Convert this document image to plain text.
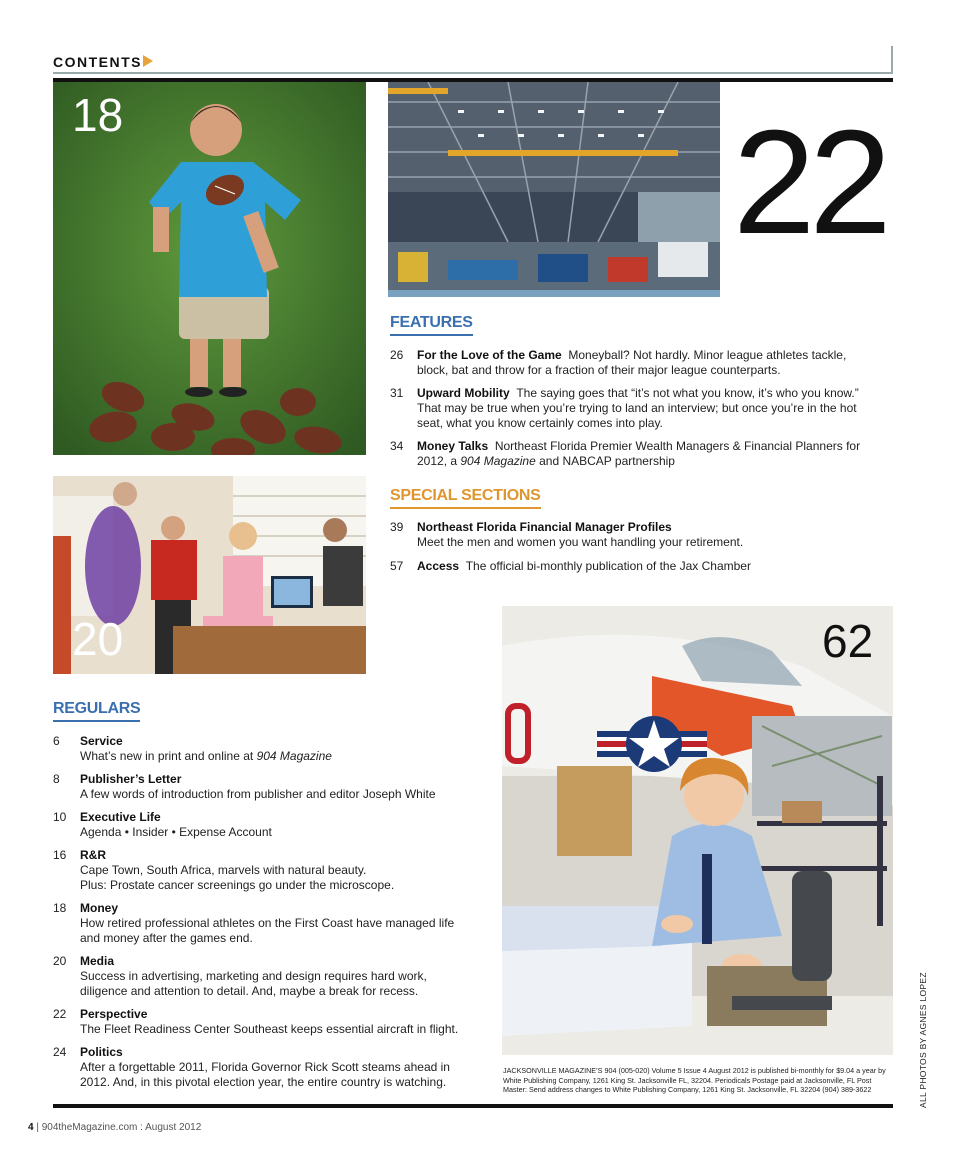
CONTENTS
18	22
20	62
FEATURES
26 For the Love of the Game Moneyball? Not hardly. Minor league athletes tackle, block, bat and throw for a fraction of their major league counterparts.
31 Upward Mobility The saying goes that “it’s not what you know, it’s who you know.” That may be true when you’re trying to land an interview; but once you’re in the hot seat, what you know certainly comes into play.
34 Money Talks Northeast Florida Premier Wealth Managers & Financial Planners for 2012, a 904 Magazine and NABCAP partnership
SPECIAL SECTIONS
39 Northeast Florida Financial Manager Profiles
Meet the men and women you want handling your retirement.
57 Access The official bi-monthly publication of the Jax Chamber
REGULARS
6 Service
What’s new in print and online at 904 Magazine
8 Publisher’s Letter
A few words of introduction from publisher and editor Joseph White
10 Executive Life
Agenda • Insider • Expense Account
16 R&R
Cape Town, South Africa, marvels with natural beauty.
Plus: Prostate cancer screenings go under the microscope.
18 Money
How retired professional athletes on the First Coast have managed life and money after the games end.
20 Media
Success in advertising, marketing and design requires hard work, diligence and attention to detail. And, maybe a break for recess.
22 Perspective
The Fleet Readiness Center Southeast keeps essential aircraft in flight.
24 Politics
After a forgettable 2011, Florida Governor Rick Scott steams ahead in 2012. And, in this pivotal election year, the entire country is watching.
JACKSONVILLE MAGAZINE’S 904 (005-020) Volume 5 Issue 4 August 2012 is published bi-monthly for $9.04 a year by White Publishing Company, 1261 King St. Jacksonville FL, 32204. Periodicals Postage paid at Jacksonville, FL Post Master: Send address changes to White Publishing Company, 1261 King St. Jacksonville, FL 32204 (904) 389-3622	ALL PHOTOS BY AGNES LOPEZ
4 | 904theMagazine.com : August 2012
